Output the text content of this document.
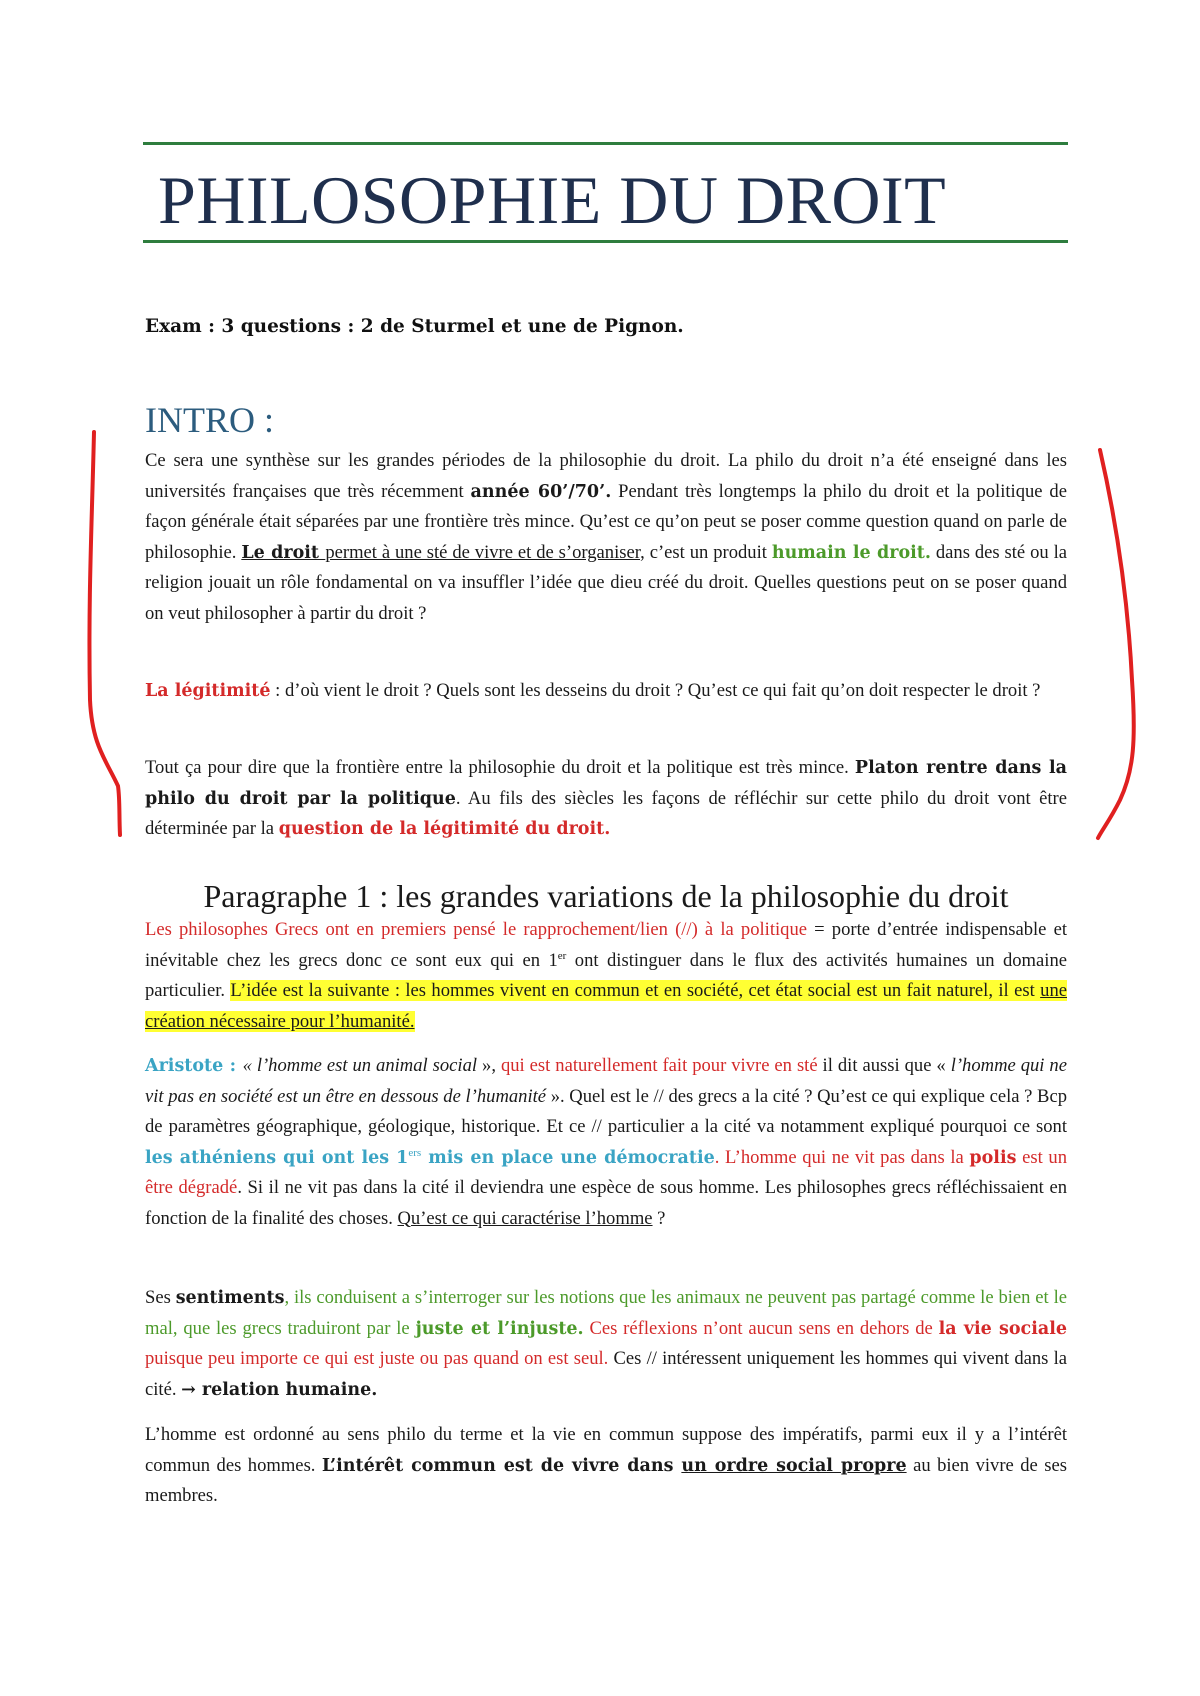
PHILOSOPHIE DU DROIT

Exam : 3 questions : 2 de Sturmel et une de Pignon.

INTRO :

Ce sera une synthèse sur les grandes périodes de la philosophie du droit. La philo du droit n’a été enseigné dans les universités françaises que très récemment année 60’/70’. Pendant très longtemps la philo du droit et la politique de façon générale était séparées par une frontière très mince. Qu’est ce qu’on peut se poser comme question quand on parle de philosophie. Le droit permet à une sté de vivre et de s’organiser, c’est un produit humain le droit. dans des sté ou la religion jouait un rôle fondamental on va insuffler l’idée que dieu créé du droit. Quelles questions peut on se poser quand on veut philosopher à partir du droit ?

La légitimité : d’où vient le droit ? Quels sont les desseins du droit ? Qu’est ce qui fait qu’on doit respecter le droit ?

Tout ça pour dire que la frontière entre la philosophie du droit et la politique est très mince. Platon rentre dans la philo du droit par la politique. Au fils des siècles les façons de réfléchir sur cette philo du droit vont être déterminée par la question de la légitimité du droit.

Paragraphe 1 : les grandes variations de la philosophie du droit

Les philosophes Grecs ont en premiers pensé le rapprochement/lien (//) à la politique = porte d’entrée indispensable et inévitable chez les grecs donc ce sont eux qui en 1er ont distinguer dans le flux des activités humaines un domaine particulier. L’idée est la suivante : les hommes vivent en commun et en société, cet état social est un fait naturel, il est une création nécessaire pour l’humanité.

Aristote : « l’homme est un animal social », qui est naturellement fait pour vivre en sté il dit aussi que « l’homme qui ne vit pas en société est un être en dessous de l’humanité ». Quel est le // des grecs a la cité ? Qu’est ce qui explique cela ? Bcp de paramètres géographique, géologique, historique. Et ce // particulier a la cité va notamment expliqué pourquoi ce sont les athéniens qui ont les 1ers mis en place une démocratie. L’homme qui ne vit pas dans la polis est un être dégradé. Si il ne vit pas dans la cité il deviendra une espèce de sous homme. Les philosophes grecs réfléchissaient en fonction de la finalité des choses. Qu’est ce qui caractérise l’homme ?

Ses sentiments, ils conduisent a s’interroger sur les notions que les animaux ne peuvent pas partagé comme le bien et le mal, que les grecs traduiront par le juste et l’injuste. Ces réflexions n’ont aucun sens en dehors de la vie sociale puisque peu importe ce qui est juste ou pas quand on est seul. Ces // intéressent uniquement les hommes qui vivent dans la cité. → relation humaine.

L’homme est ordonné au sens philo du terme et la vie en commun suppose des impératifs, parmi eux il y a l’intérêt commun des hommes. L’intérêt commun est de vivre dans un ordre social propre au bien vivre de ses membres.
